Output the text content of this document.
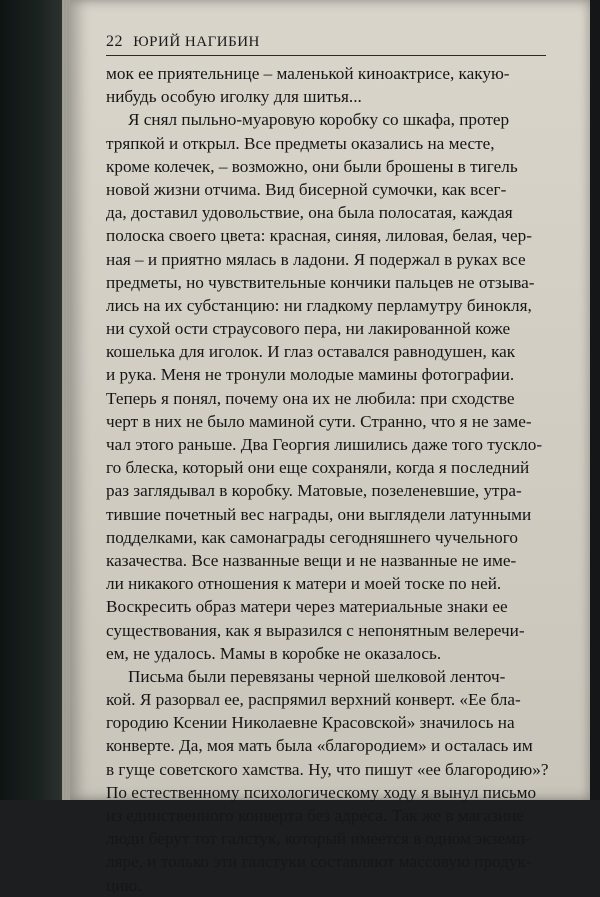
22 ЮРИЙ НАГИБИН
мок ее приятельнице – маленькой киноактрисе, какую-
нибудь особую иголку для шитья...
Я снял пыльно-муаровую коробку со шкафа, протер
тряпкой и открыл. Все предметы оказались на месте,
кроме колечек, – возможно, они были брошены в тигель
новой жизни отчима. Вид бисерной сумочки, как всег-
да, доставил удовольствие, она была полосатая, каждая
полоска своего цвета: красная, синяя, лиловая, белая, чер-
ная – и приятно мялась в ладони. Я подержал в руках все
предметы, но чувствительные кончики пальцев не отзыва-
лись на их субстанцию: ни гладкому перламутру бинокля,
ни сухой ости страусового пера, ни лакированной коже
кошелька для иголок. И глаз оставался равнодушен, как
и рука. Меня не тронули молодые мамины фотографии.
Теперь я понял, почему она их не любила: при сходстве
черт в них не было маминой сути. Странно, что я не заме-
чал этого раньше. Два Георгия лишились даже того тускло-
го блеска, который они еще сохраняли, когда я последний
раз заглядывал в коробку. Матовые, позеленевшие, утра-
тившие почетный вес награды, они выглядели латунными
подделками, как самонаграды сегодняшнего чучельного
казачества. Все названные вещи и не названные не име-
ли никакого отношения к матери и моей тоске по ней.
Воскресить образ матери через материальные знаки ее
существования, как я выразился с непонятным велеречи-
ем, не удалось. Мамы в коробке не оказалось.
Письма были перевязаны черной шелковой ленточ-
кой. Я разорвал ее, распрямил верхний конверт. «Ее бла-
городию Ксении Николаевне Красовской» значилось на
конверте. Да, моя мать была «благородием» и осталась им
в гуще советского хамства. Ну, что пишут «ее благородию»?
По естественному психологическому ходу я вынул письмо
из единственного конверта без адреса. Так же в магазине
люди берут тот галстук, который имеется в одном экземп-
ляре, и только эти галстуки составляют массовую продук-
цию.
